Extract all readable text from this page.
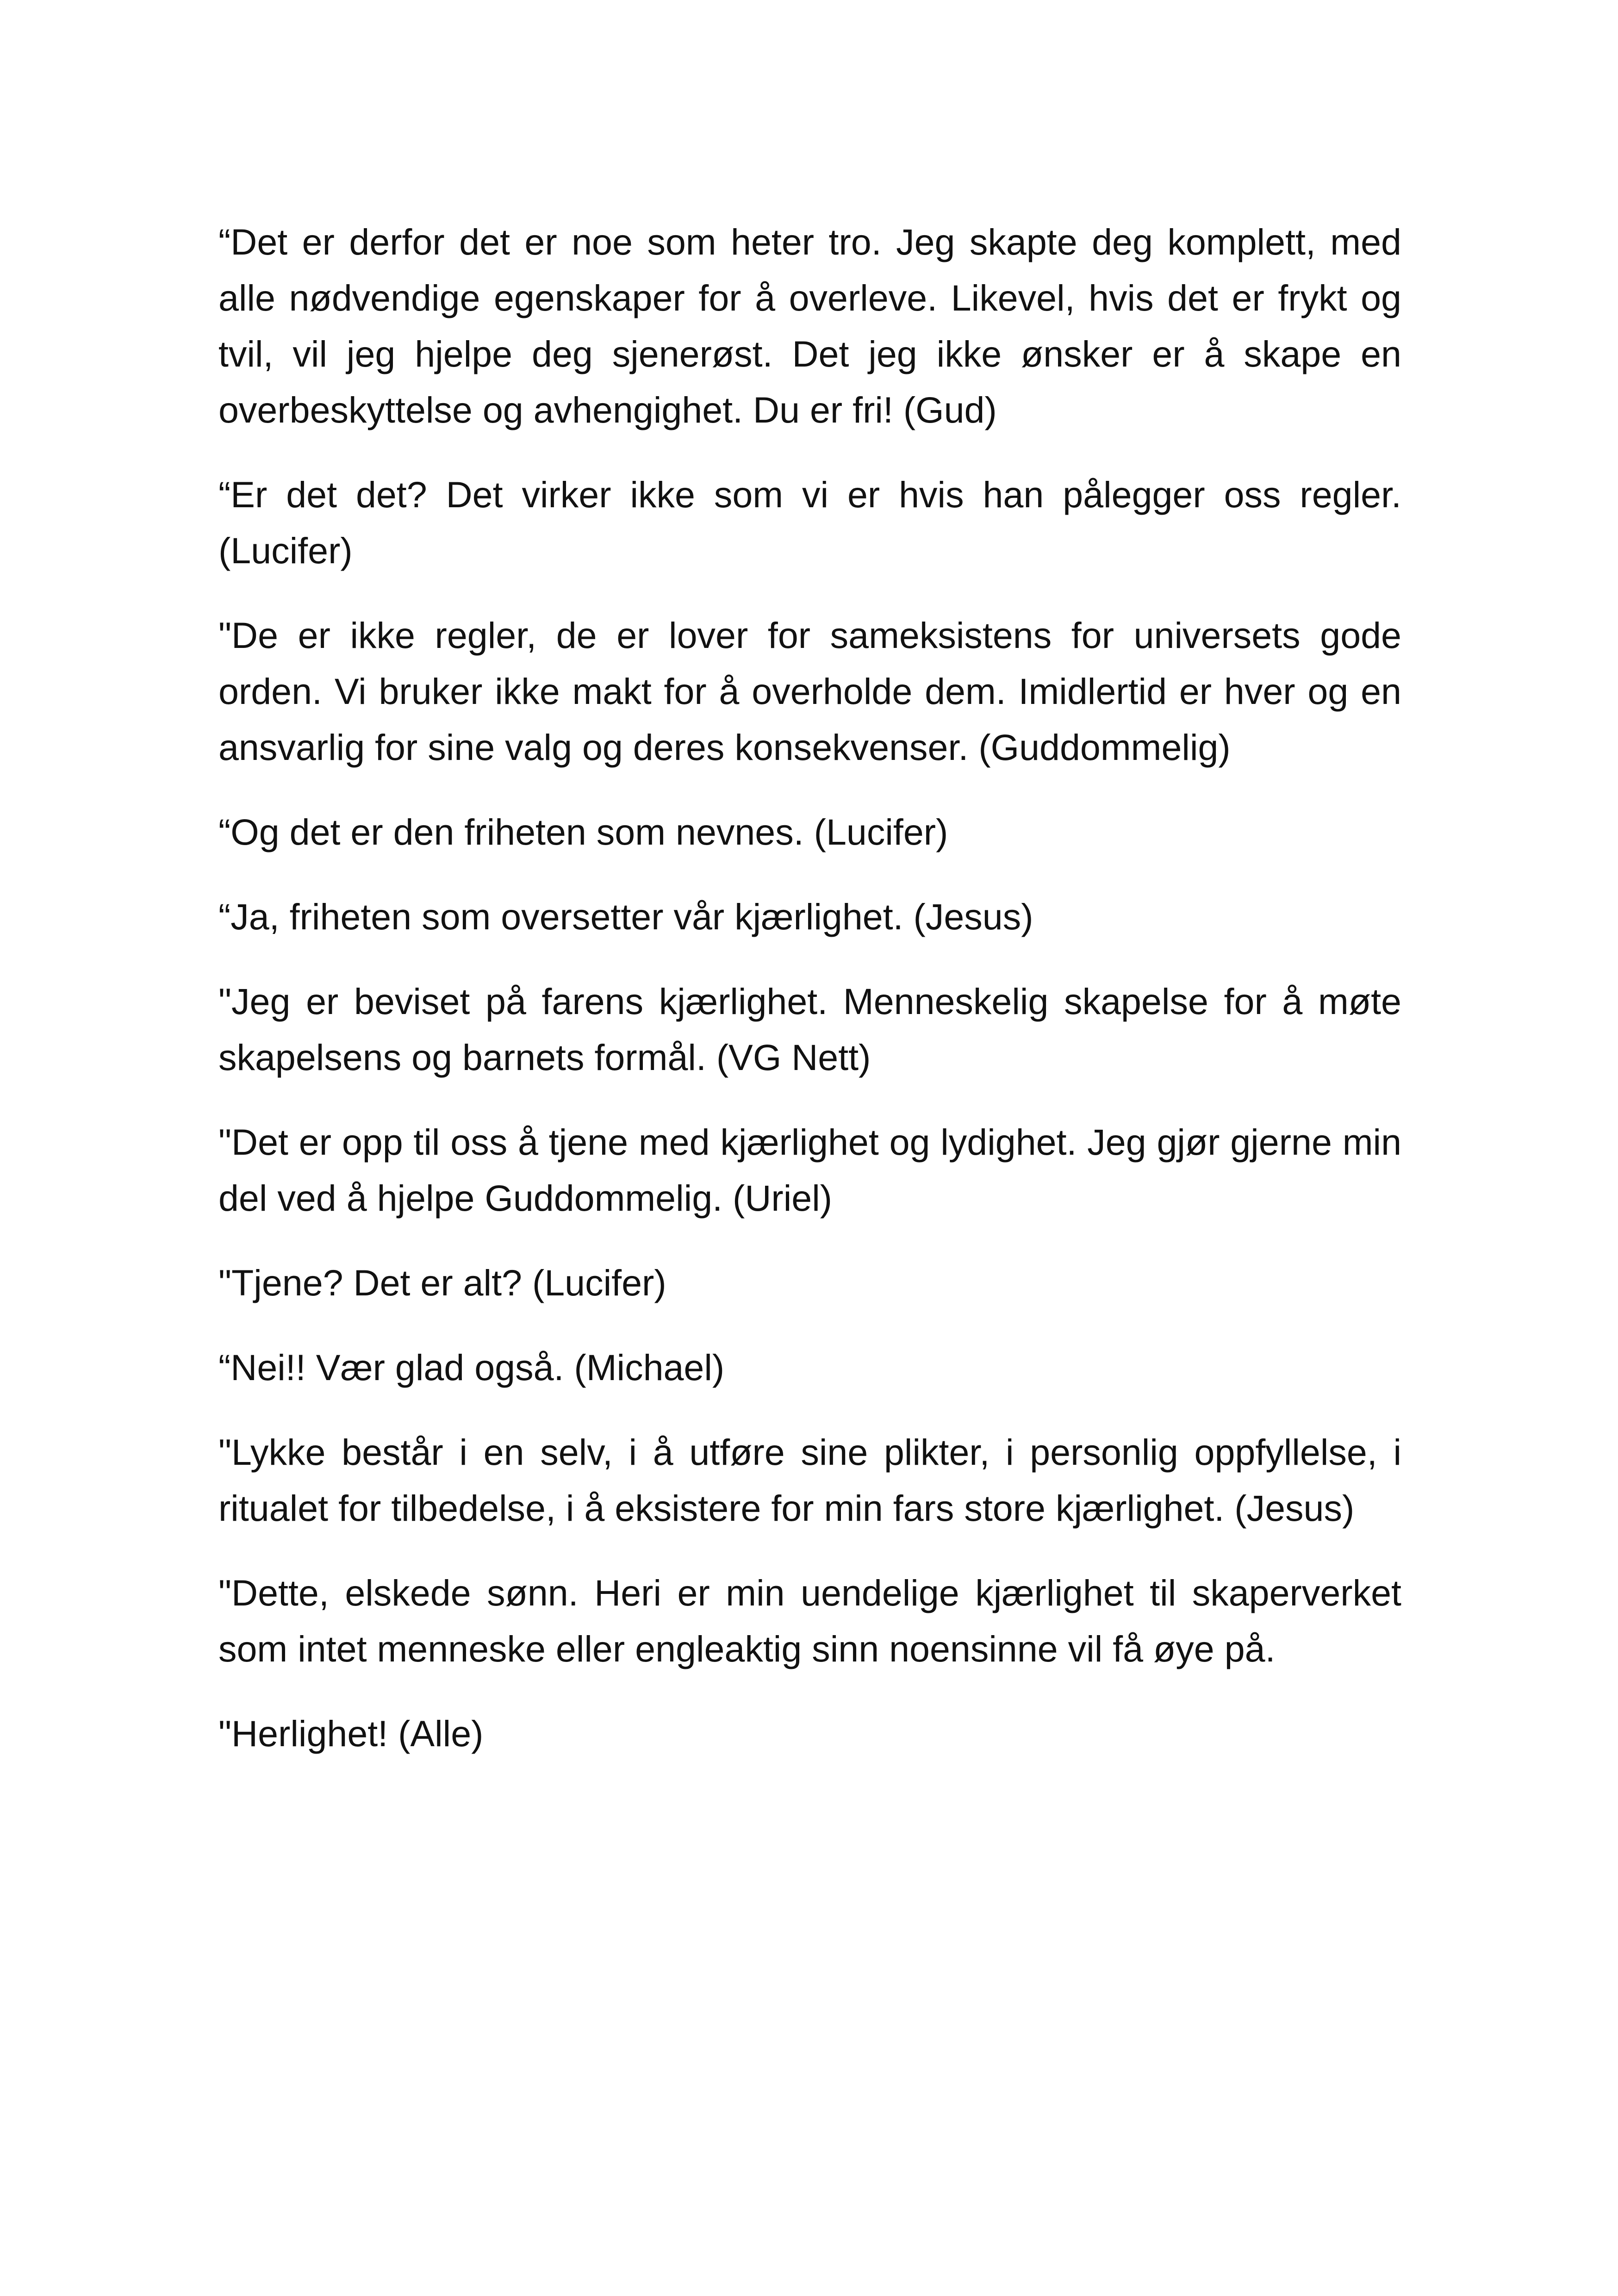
“Det er derfor det er noe som heter tro. Jeg skapte deg komplett, med alle nødvendige egenskaper for å overleve. Likevel, hvis det er frykt og tvil, vil jeg hjelpe deg sjenerøst. Det jeg ikke ønsker er å skape en overbeskyttelse og avhengighet. Du er fri! (Gud)

“Er det det? Det virker ikke som vi er hvis han pålegger oss regler. (Lucifer)

"De er ikke regler, de er lover for sameksistens for universets gode orden. Vi bruker ikke makt for å overholde dem. Imidlertid er hver og en ansvarlig for sine valg og deres konsekvenser. (Guddommelig)

“Og det er den friheten som nevnes. (Lucifer)

“Ja, friheten som oversetter vår kjærlighet. (Jesus)

"Jeg er beviset på farens kjærlighet. Menneskelig skapelse for å møte skapelsens og barnets formål. (VG Nett)

"Det er opp til oss å tjene med kjærlighet og lydighet. Jeg gjør gjerne min del ved å hjelpe Guddommelig. (Uriel)

"Tjene? Det er alt? (Lucifer)

“Nei!! Vær glad også. (Michael)

"Lykke består i en selv, i å utføre sine plikter, i personlig oppfyllelse, i ritualet for tilbedelse, i å eksistere for min fars store kjærlighet. (Jesus)

"Dette, elskede sønn. Heri er min uendelige kjærlighet til skaperverket som intet menneske eller engleaktig sinn noensinne vil få øye på.

"Herlighet! (Alle)
